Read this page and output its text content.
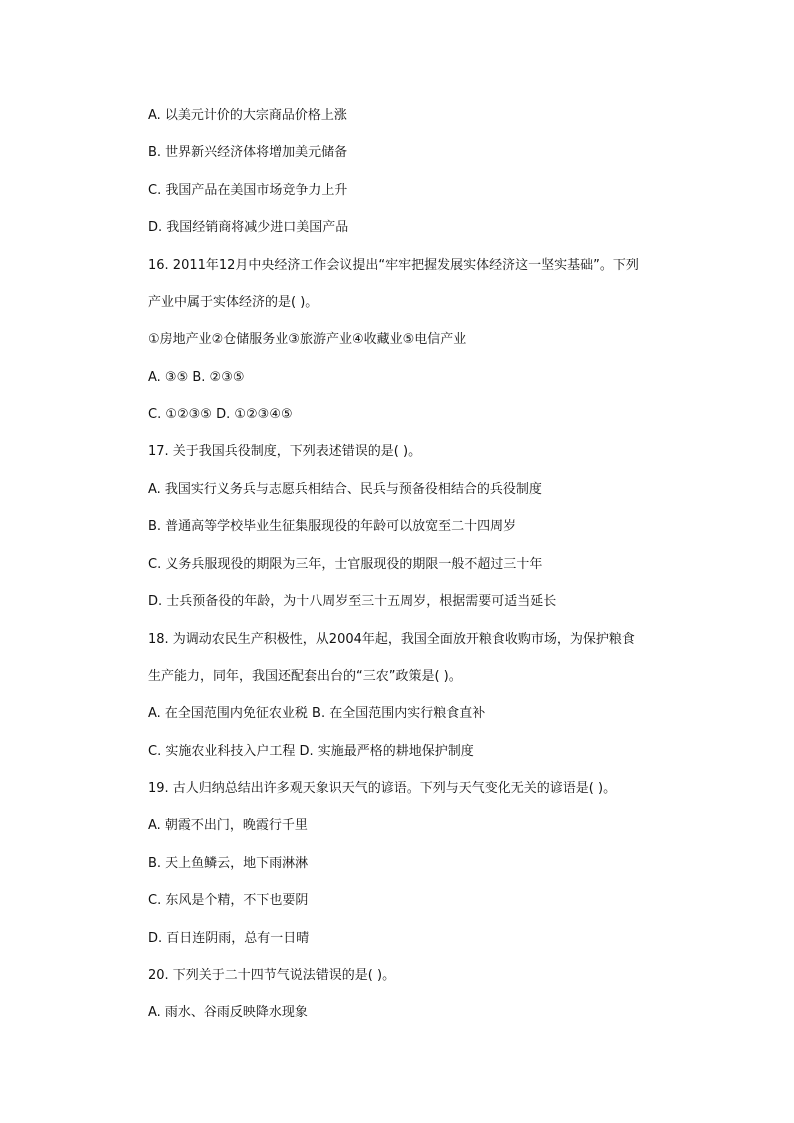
A. 以美元计价的大宗商品价格上涨
B. 世界新兴经济体将增加美元储备
C. 我国产品在美国市场竞争力上升
D. 我国经销商将减少进口美国产品
16. 2011年12月中央经济工作会议提出“牢牢把握发展实体经济这一坚实基础”。下列
产业中属于实体经济的是( )。
①房地产业②仓储服务业③旅游产业④收藏业⑤电信产业
A. ③⑤ B. ②③⑤
C. ①②③⑤ D. ①②③④⑤
17. 关于我国兵役制度，下列表述错误的是( )。
A. 我国实行义务兵与志愿兵相结合、民兵与预备役相结合的兵役制度
B. 普通高等学校毕业生征集服现役的年龄可以放宽至二十四周岁
C. 义务兵服现役的期限为三年，士官服现役的期限一般不超过三十年
D. 士兵预备役的年龄，为十八周岁至三十五周岁，根据需要可适当延长
18. 为调动农民生产积极性，从2004年起，我国全面放开粮食收购市场，为保护粮食
生产能力，同年，我国还配套出台的“三农”政策是( )。
A. 在全国范围内免征农业税 B. 在全国范围内实行粮食直补
C. 实施农业科技入户工程 D. 实施最严格的耕地保护制度
19. 古人归纳总结出许多观天象识天气的谚语。下列与天气变化无关的谚语是( )。
A. 朝霞不出门，晚霞行千里
B. 天上鱼鳞云，地下雨淋淋
C. 东风是个精，不下也要阴
D. 百日连阴雨，总有一日晴
20. 下列关于二十四节气说法错误的是( )。
A. 雨水、谷雨反映降水现象
